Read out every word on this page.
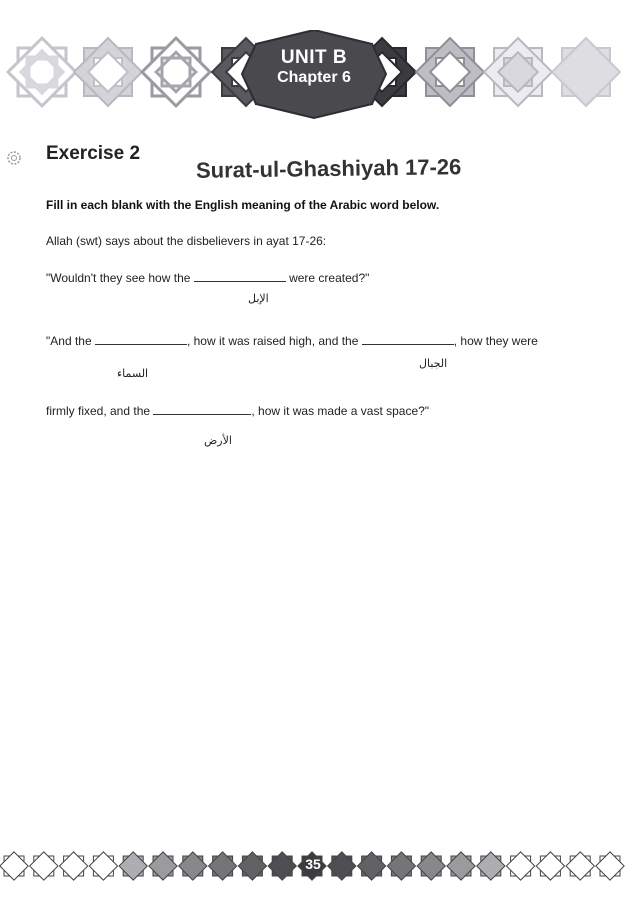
UNIT B
Chapter 6
Exercise 2
Surat-ul-Ghashiyah 17-26
Fill in each blank with the English meaning of the Arabic word below.
Allah (swt) says about the disbelievers in ayat 17-26:
"Wouldn't they see how the	were created?"
الإبل
"And the	, how it was raised high, and the	, how they were
السماء
الجبال
firmly fixed, and the	, how it was made a vast space?"
الأرض
35
